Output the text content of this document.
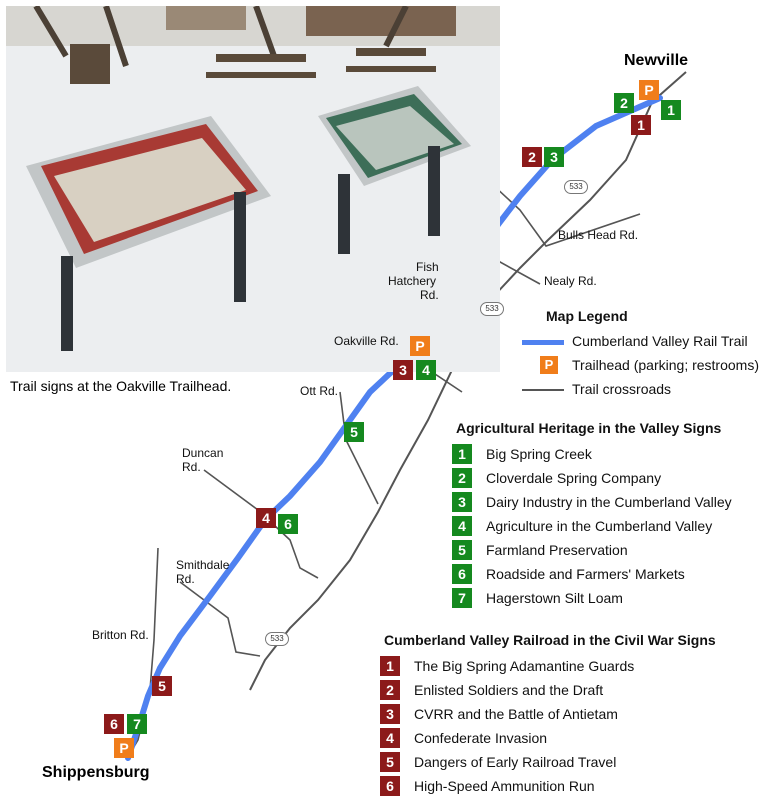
Trail signs at the Oakville Trailhead.
Newville
Shippensburg
Bulls Head Rd.
Nealy Rd.
Fish
Hatchery
Rd.
Oakville Rd.
Ott Rd.
Duncan
Rd.
Smithdale
Rd.
Britton Rd.
533
533
533
P
2	1
1
2	3
P
3	4
5
4	6
5
6	7
P
Map Legend
Cumberland Valley Rail Trail
P	Trailhead (parking; restrooms)
Trail crossroads
Agricultural Heritage in the Valley Signs
1	Big Spring Creek
2	Cloverdale Spring Company
3	Dairy Industry in the Cumberland Valley
4	Agriculture in the Cumberland Valley
5	Farmland Preservation
6	Roadside and Farmers' Markets
7	Hagerstown Silt Loam
Cumberland Valley Railroad in the Civil War Signs
1	The Big Spring Adamantine Guards
2	Enlisted Soldiers and the Draft
3	CVRR and the Battle of Antietam
4	Confederate Invasion
5	Dangers of Early Railroad Travel
6	High-Speed Ammunition Run
